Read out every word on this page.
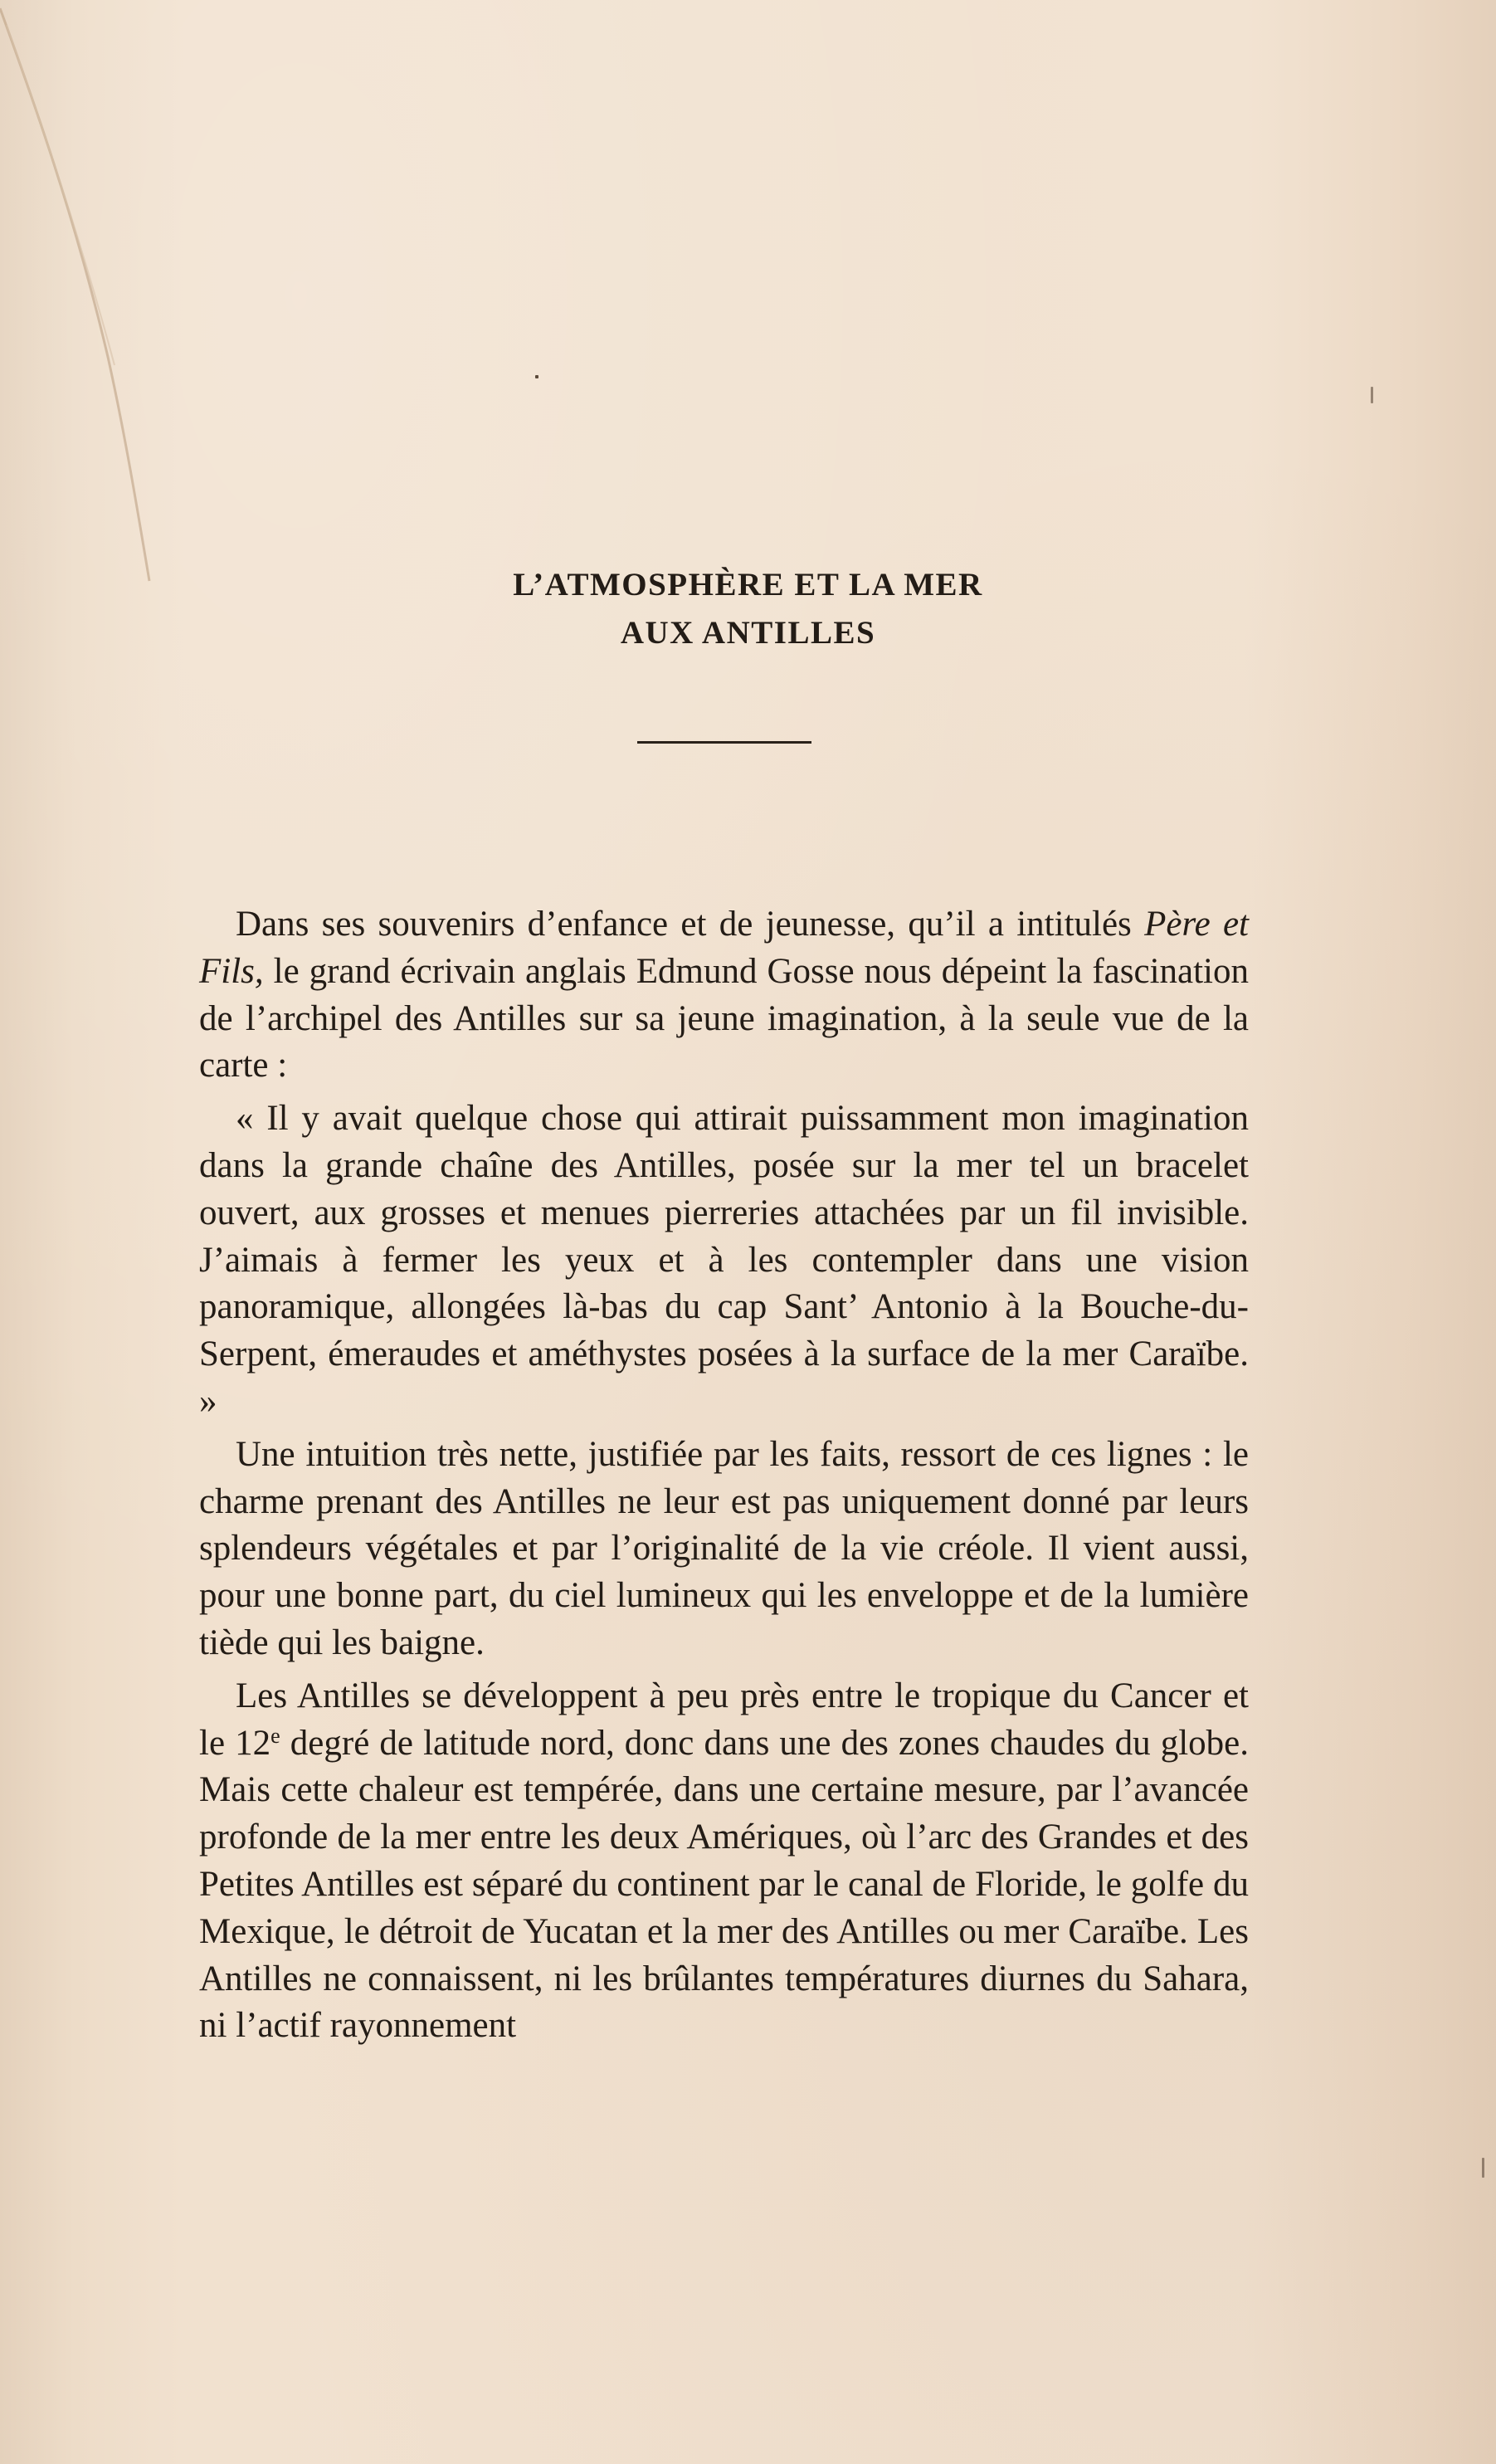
L’ATMOSPHÈRE ET LA MER
AUX ANTILLES

Dans ses souvenirs d’enfance et de jeunesse, qu’il a intitulés Père et Fils, le grand écrivain anglais Edmund Gosse nous dépeint la fascination de l’archipel des Antilles sur sa jeune imagination, à la seule vue de la carte :

« Il y avait quelque chose qui attirait puissamment mon imagination dans la grande chaîne des Antilles, posée sur la mer tel un bracelet ouvert, aux grosses et menues pierreries attachées par un fil invisible. J’aimais à fermer les yeux et à les contempler dans une vision panoramique, allongées là-bas du cap Sant’ Antonio à la Bouche-du-Serpent, émeraudes et améthystes posées à la surface de la mer Caraïbe. »

Une intuition très nette, justifiée par les faits, ressort de ces lignes : le charme prenant des Antilles ne leur est pas uniquement donné par leurs splendeurs végétales et par l’originalité de la vie créole. Il vient aussi, pour une bonne part, du ciel lumineux qui les enveloppe et de la lumière tiède qui les baigne.

Les Antilles se développent à peu près entre le tropique du Cancer et le 12e degré de latitude nord, donc dans une des zones chaudes du globe. Mais cette chaleur est tempérée, dans une certaine mesure, par l’avancée profonde de la mer entre les deux Amériques, où l’arc des Grandes et des Petites Antilles est séparé du continent par le canal de Floride, le golfe du Mexique, le détroit de Yucatan et la mer des Antilles ou mer Caraïbe. Les Antilles ne connaissent, ni les brûlantes températures diurnes du Sahara, ni l’actif rayonnement
